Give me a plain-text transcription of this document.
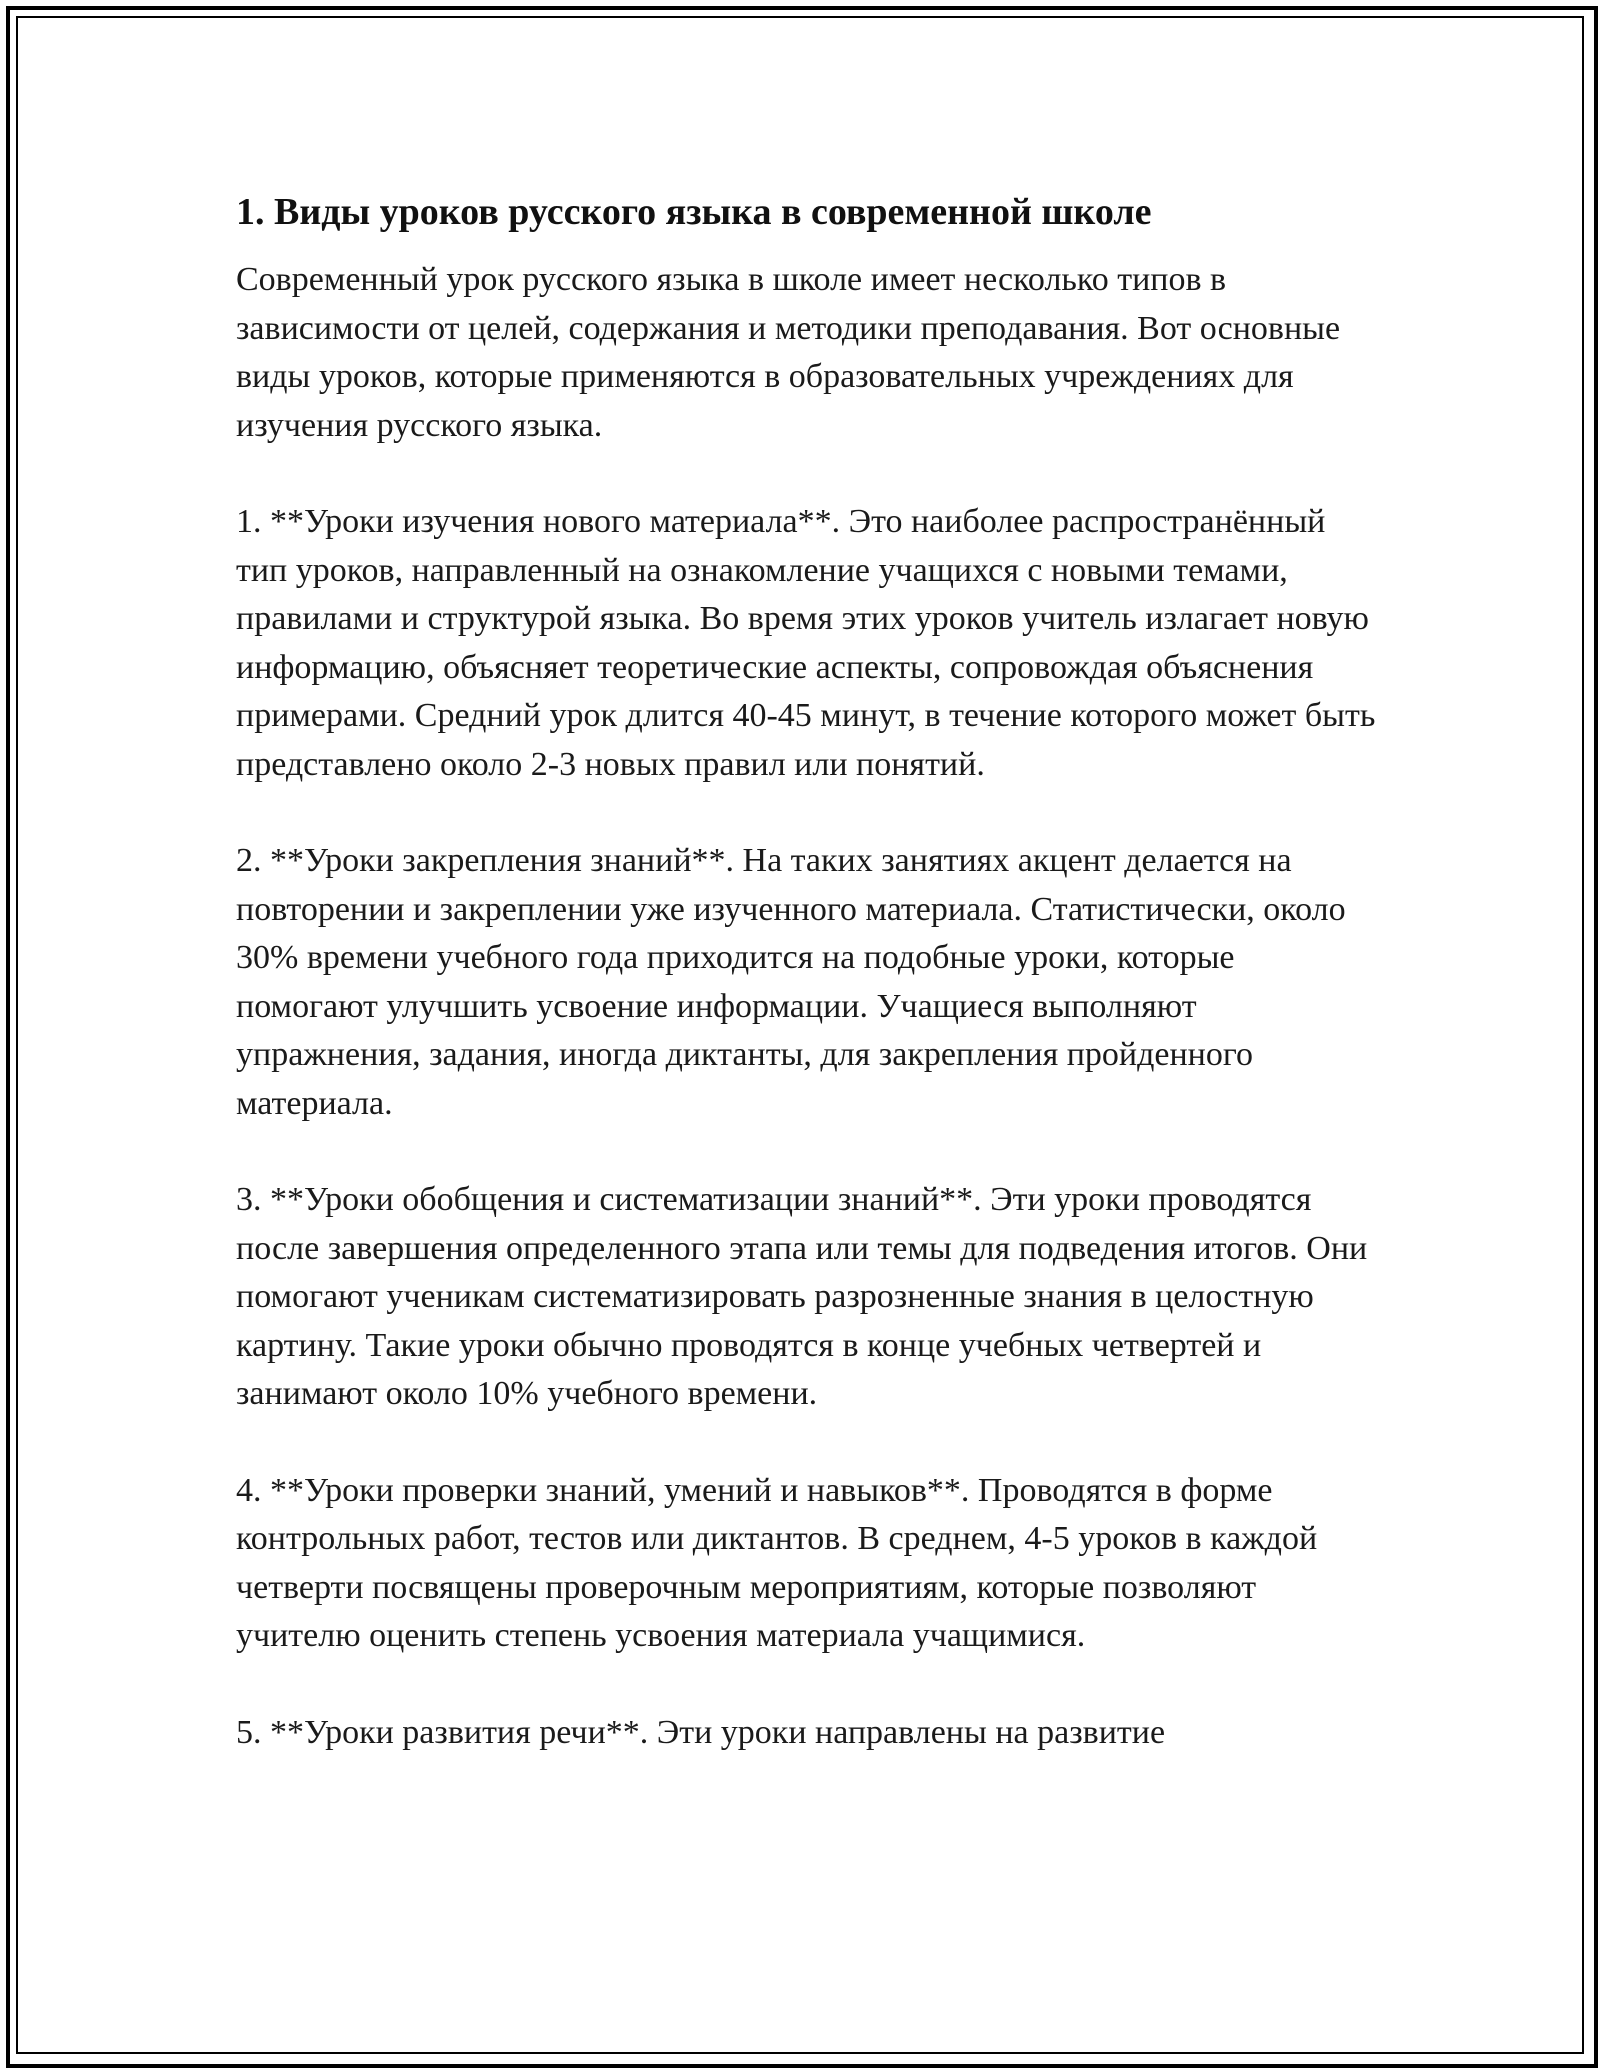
1. Виды уроков русского языка в современной школе

Современный урок русского языка в школе имеет несколько типов в зависимости от целей, содержания и методики преподавания. Вот основные виды уроков, которые применяются в образовательных учреждениях для изучения русского языка.

1. **Уроки изучения нового материала**. Это наиболее распространённый тип уроков, направленный на ознакомление учащихся с новыми темами, правилами и структурой языка. Во время этих уроков учитель излагает новую информацию, объясняет теоретические аспекты, сопровождая объяснения примерами. Средний урок длится 40-45 минут, в течение которого может быть представлено около 2-3 новых правил или понятий.

2. **Уроки закрепления знаний**. На таких занятиях акцент делается на повторении и закреплении уже изученного материала. Статистически, около 30% времени учебного года приходится на подобные уроки, которые помогают улучшить усвоение информации. Учащиеся выполняют упражнения, задания, иногда диктанты, для закрепления пройденного материала.

3. **Уроки обобщения и систематизации знаний**. Эти уроки проводятся после завершения определенного этапа или темы для подведения итогов. Они помогают ученикам систематизировать разрозненные знания в целостную картину. Такие уроки обычно проводятся в конце учебных четвертей и занимают около 10% учебного времени.

4. **Уроки проверки знаний, умений и навыков**. Проводятся в форме контрольных работ, тестов или диктантов. В среднем, 4-5 уроков в каждой четверти посвящены проверочным мероприятиям, которые позволяют учителю оценить степень усвоения материала учащимися.

5. **Уроки развития речи**. Эти уроки направлены на развитие
